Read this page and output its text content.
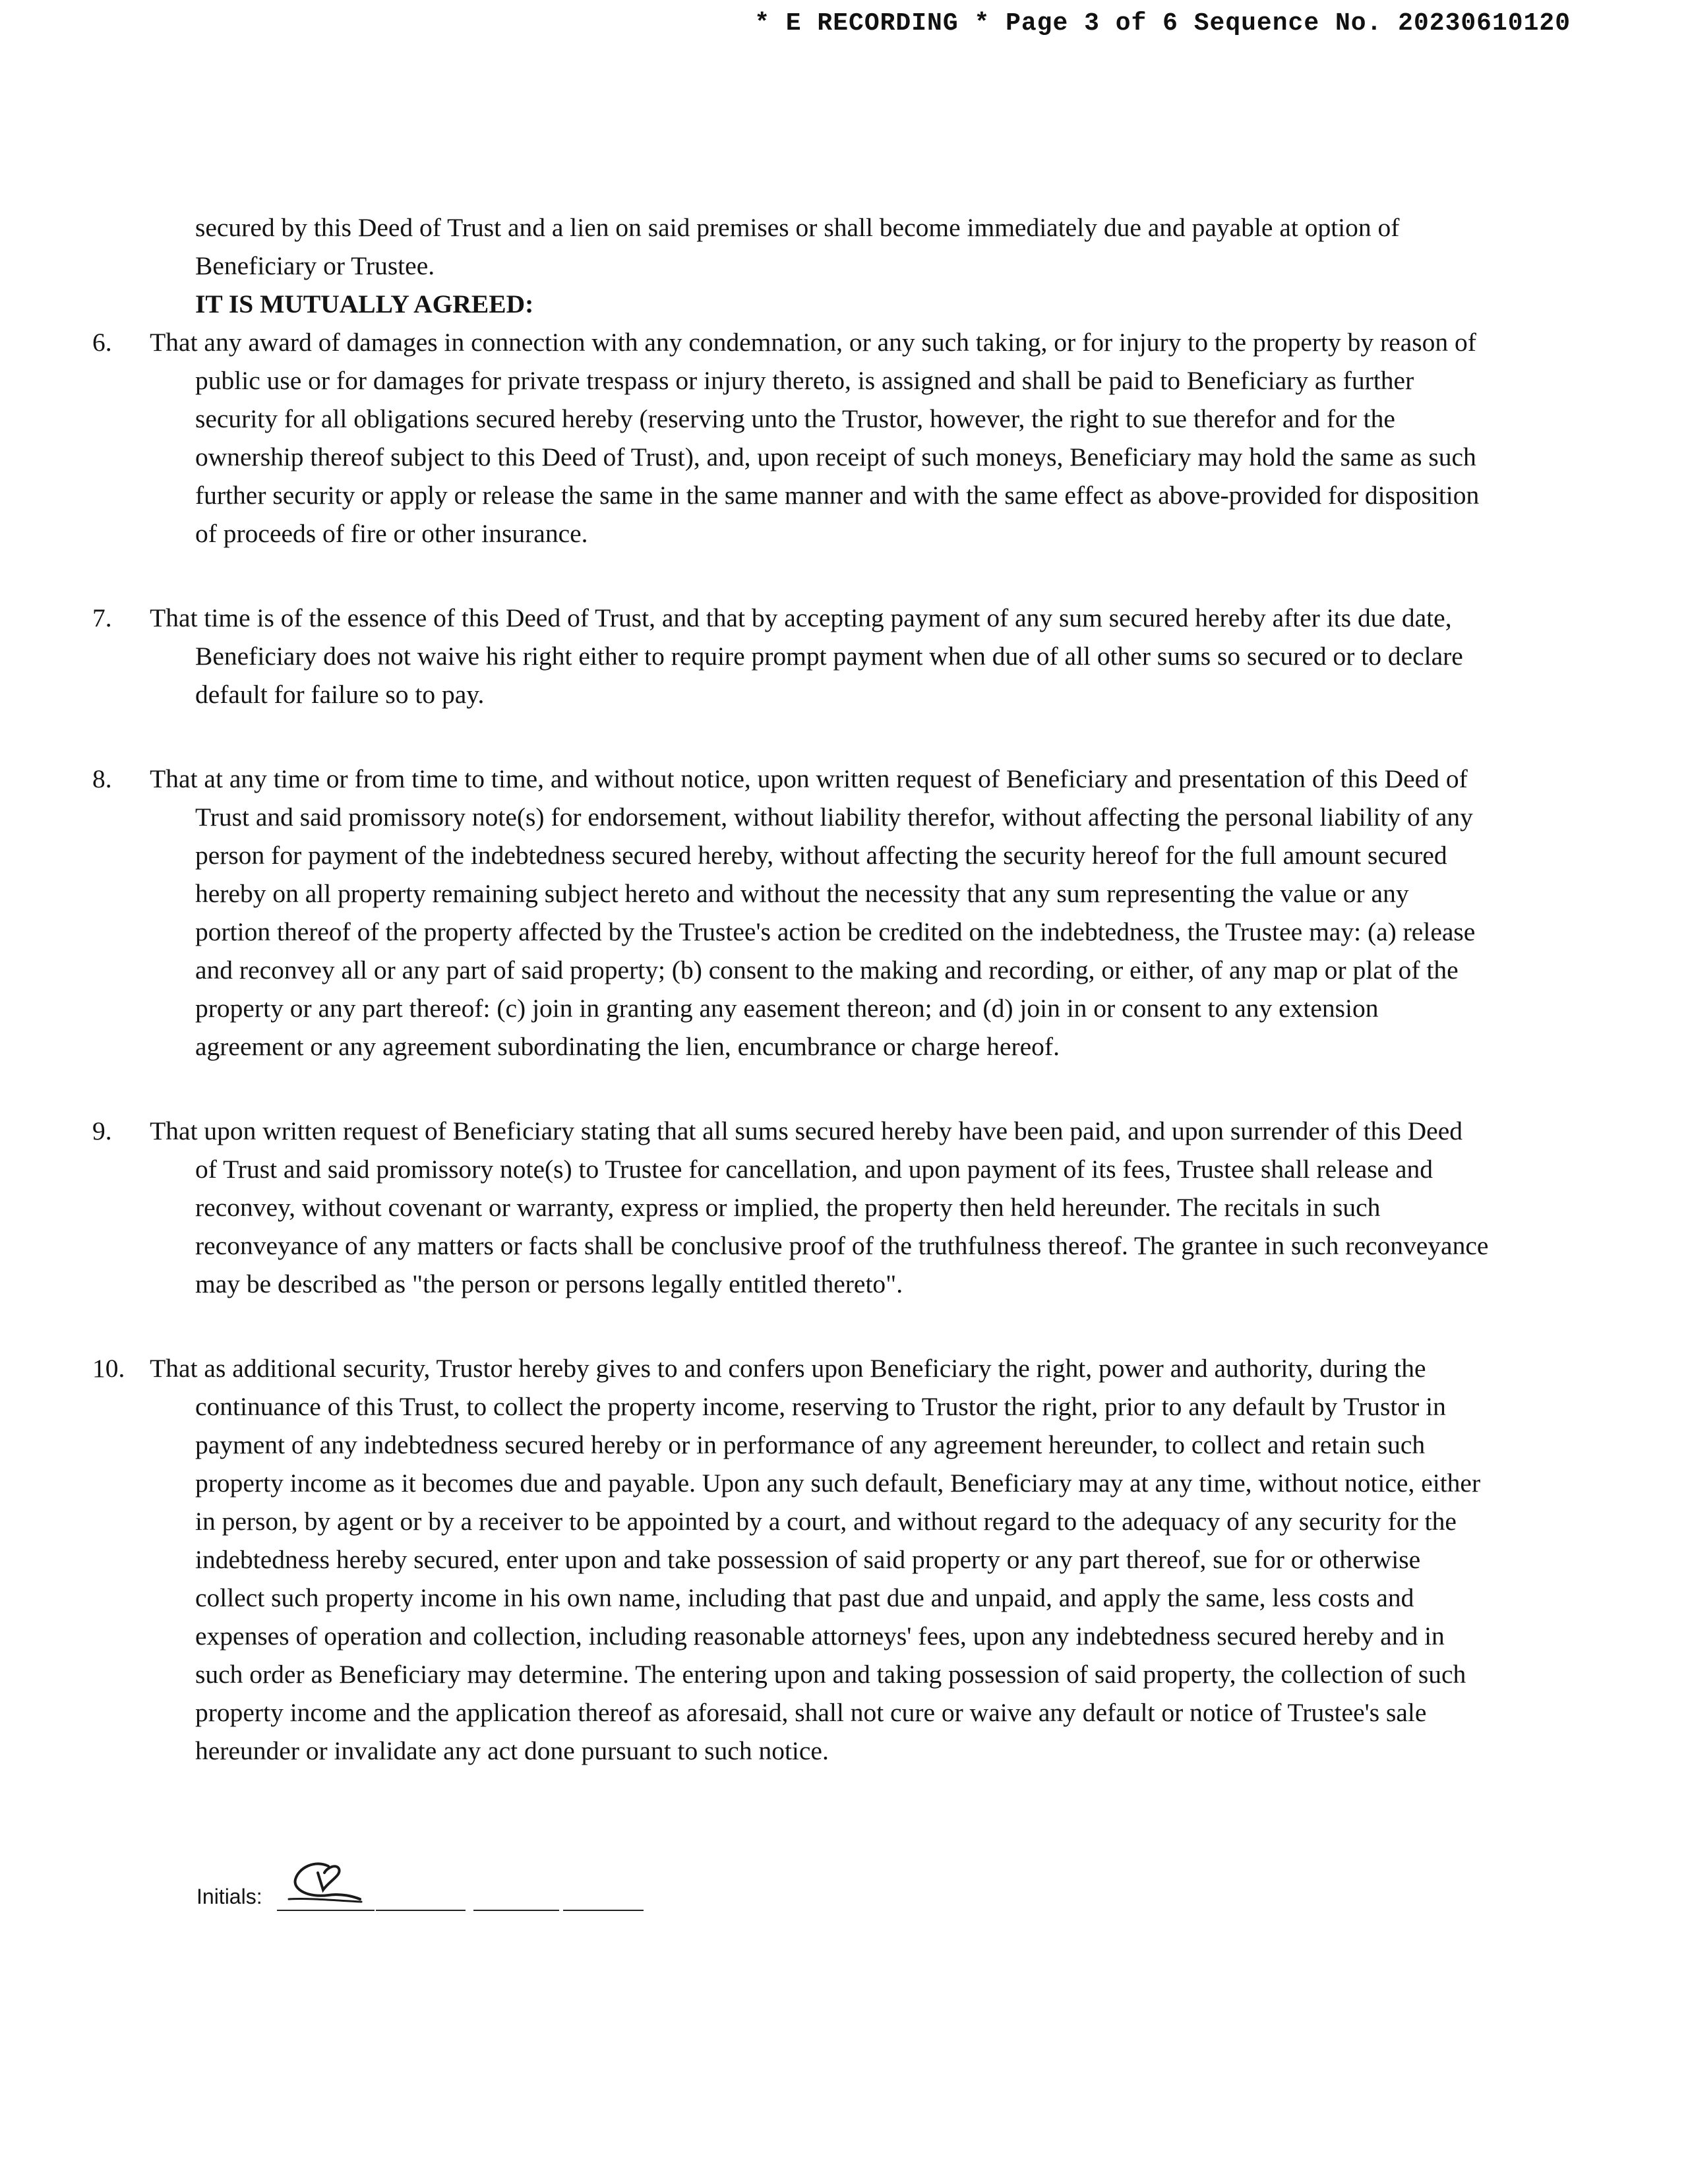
* E RECORDING * Page 3 of 6 Sequence No. 20230610120

secured by this Deed of Trust and a lien on said premises or shall become immediately due and payable at option of Beneficiary or Trustee.

IT IS MUTUALLY AGREED:

6. That any award of damages in connection with any condemnation, or any such taking, or for injury to the property by reason of public use or for damages for private trespass or injury thereto, is assigned and shall be paid to Beneficiary as further security for all obligations secured hereby (reserving unto the Trustor, however, the right to sue therefor and for the ownership thereof subject to this Deed of Trust), and, upon receipt of such moneys, Beneficiary may hold the same as such further security or apply or release the same in the same manner and with the same effect as above-provided for disposition of proceeds of fire or other insurance.

7. That time is of the essence of this Deed of Trust, and that by accepting payment of any sum secured hereby after its due date, Beneficiary does not waive his right either to require prompt payment when due of all other sums so secured or to declare default for failure so to pay.

8. That at any time or from time to time, and without notice, upon written request of Beneficiary and presentation of this Deed of Trust and said promissory note(s) for endorsement, without liability therefor, without affecting the personal liability of any person for payment of the indebtedness secured hereby, without affecting the security hereof for the full amount secured hereby on all property remaining subject hereto and without the necessity that any sum representing the value or any portion thereof of the property affected by the Trustee's action be credited on the indebtedness, the Trustee may: (a) release and reconvey all or any part of said property; (b) consent to the making and recording, or either, of any map or plat of the property or any part thereof: (c) join in granting any easement thereon; and (d) join in or consent to any extension agreement or any agreement subordinating the lien, encumbrance or charge hereof.

9. That upon written request of Beneficiary stating that all sums secured hereby have been paid, and upon surrender of this Deed of Trust and said promissory note(s) to Trustee for cancellation, and upon payment of its fees, Trustee shall release and reconvey, without covenant or warranty, express or implied, the property then held hereunder. The recitals in such reconveyance of any matters or facts shall be conclusive proof of the truthfulness thereof. The grantee in such reconveyance may be described as "the person or persons legally entitled thereto".

10. That as additional security, Trustor hereby gives to and confers upon Beneficiary the right, power and authority, during the continuance of this Trust, to collect the property income, reserving to Trustor the right, prior to any default by Trustor in payment of any indebtedness secured hereby or in performance of any agreement hereunder, to collect and retain such property income as it becomes due and payable. Upon any such default, Beneficiary may at any time, without notice, either in person, by agent or by a receiver to be appointed by a court, and without regard to the adequacy of any security for the indebtedness hereby secured, enter upon and take possession of said property or any part thereof, sue for or otherwise collect such property income in his own name, including that past due and unpaid, and apply the same, less costs and expenses of operation and collection, including reasonable attorneys' fees, upon any indebtedness secured hereby and in such order as Beneficiary may determine. The entering upon and taking possession of said property, the collection of such property income and the application thereof as aforesaid, shall not cure or waive any default or notice of Trustee's sale hereunder or invalidate any act done pursuant to such notice.

Initials:
